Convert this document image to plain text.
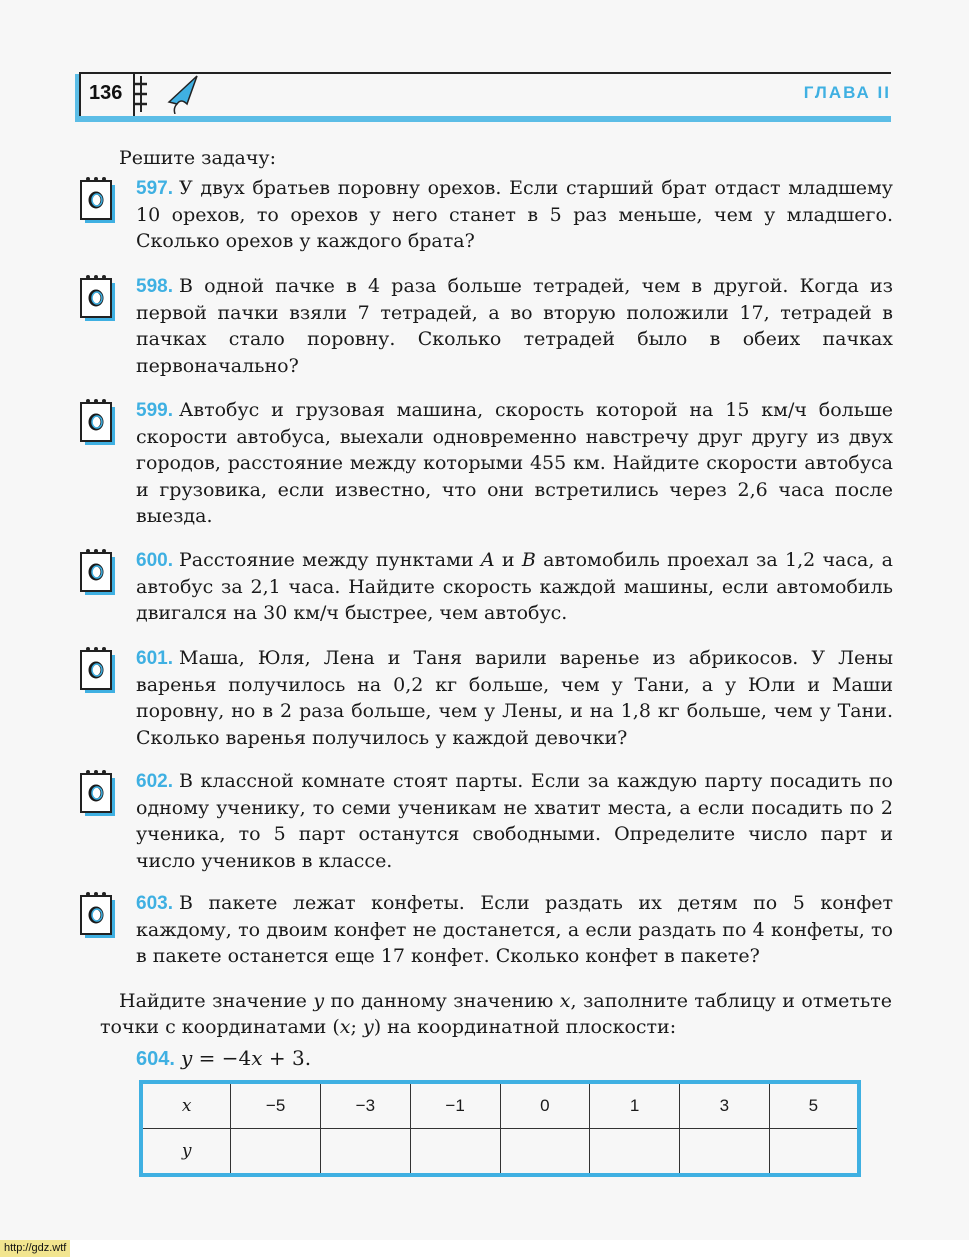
136	ГЛАВА II
Решите задачу:
597. У двух братьев поровну орехов. Если старший брат отдаст младшему 10 орехов, то орехов у него станет в 5 раз меньше, чем у младшего. Сколько орехов у каждого брата?
598. В одной пачке в 4 раза больше тетрадей, чем в другой. Когда из первой пачки взяли 7 тетрадей, а во вторую положили 17, тетрадей в пачках стало поровну. Сколько тетрадей было в обеих пачках первоначально?
599. Автобус и грузовая машина, скорость которой на 15 км/ч больше скорости автобуса, выехали одновременно навстречу друг другу из двух городов, расстояние между которыми 455 км. Найдите скорости автобуса и грузовика, если известно, что они встретились через 2,6 часа после выезда.
600. Расстояние между пунктами A и B автомобиль проехал за 1,2 часа, а автобус за 2,1 часа. Найдите скорость каждой машины, если автомобиль двигался на 30 км/ч быстрее, чем автобус.
601. Маша, Юля, Лена и Таня варили варенье из абрикосов. У Лены варенья получилось на 0,2 кг больше, чем у Тани, а у Юли и Маши поровну, но в 2 раза больше, чем у Лены, и на 1,8 кг больше, чем у Тани. Сколько варенья получилось у каждой девочки?
602. В классной комнате стоят парты. Если за каждую парту посадить по одному ученику, то семи ученикам не хватит места, а если посадить по 2 ученика, то 5 парт останутся свободными. Определите число парт и число учеников в классе.
603. В пакете лежат конфеты. Если раздать их детям по 5 конфет каждому, то двоим конфет не достанется, а если раздать по 4 конфеты, то в пакете останется еще 17 конфет. Сколько конфет в пакете?
Найдите значение y по данному значению x, заполните таблицу и отметьте точки с координатами (x; y) на координатной плоскости:
604. y = −4x + 3.
x	−5	−3	−1	0	1	3	5
y							
http://gdz.wtf
